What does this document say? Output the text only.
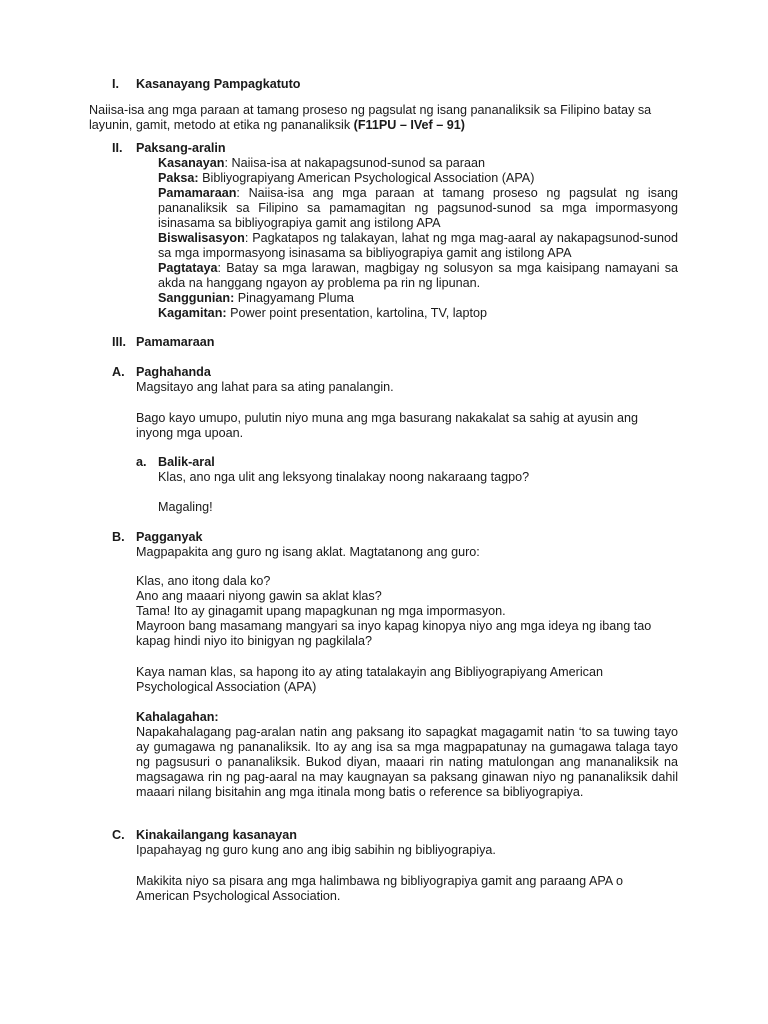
I. Kasanayang Pampagkatuto
Naiisa-isa ang mga paraan at tamang proseso ng pagsulat ng isang pananaliksik sa Filipino batay sa layunin, gamit, metodo at etika ng pananaliksik (F11PU – IVef – 91)
II. Paksang-aralin

Kasanayan: Naiisa-isa at nakapagsunod-sunod sa paraan

Paksa: Bibliyograpiyang American Psychological Association (APA)

Pamamaraan: Naiisa-isa ang mga paraan at tamang proseso ng pagsulat ng isang pananaliksik sa Filipino sa pamamagitan ng pagsunod-sunod sa mga impormasyong isinasama sa bibliyograpiya gamit ang istilong APA

Biswalisasyon: Pagkatapos ng talakayan, lahat ng mga mag-aaral ay nakapagsunod-sunod sa mga impormasyong isinasama sa bibliyograpiya gamit ang istilong APA

Pagtataya: Batay sa mga larawan, magbigay ng solusyon sa mga kaisipang namayani sa akda na hanggang ngayon ay problema pa rin ng lipunan.

Sanggunian: Pinagyamang Pluma

Kagamitan: Power point presentation, kartolina, TV, laptop

III. Pamamaraan
A. Paghahanda
Magsitayo ang lahat para sa ating panalangin.
Bago kayo umupo, pulutin niyo muna ang mga basurang nakakalat sa sahig at ayusin ang inyong mga upoan.
a. Balik-aral
Klas, ano nga ulit ang leksyong tinalakay noong nakaraang tagpo?
Magaling!
B. Pagganyak
Magpapakita ang guro ng isang aklat. Magtatanong ang guro:

Klas, ano itong dala ko?

Ano ang maaari niyong gawin sa aklat klas?

Tama! Ito ay ginagamit upang mapagkunan ng mga impormasyon.

Mayroon bang masamang mangyari sa inyo kapag kinopya niyo ang mga ideya ng ibang tao kapag hindi niyo ito binigyan ng pagkilala?

Kaya naman klas, sa hapong ito ay ating tatalakayin ang Bibliyograpiyang American Psychological Association (APA)
Kahalagahan:
Napakahalagang pag-aralan natin ang paksang ito sapagkat magagamit natin ‘to sa tuwing tayo ay gumagawa ng pananaliksik. Ito ay ang isa sa mga magpapatunay na gumagawa talaga tayo ng pagsusuri o pananaliksik. Bukod diyan, maaari rin nating matulongan ang mananaliksik na magsagawa rin ng pag-aaral na may kaugnayan sa paksang ginawan niyo ng pananaliksik dahil maaari nilang bisitahin ang mga itinala mong batis o reference sa bibliyograpiya.
C. Kinakailangang kasanayan
Ipapahayag ng guro kung ano ang ibig sabihin ng bibliyograpiya.
Makikita niyo sa pisara ang mga halimbawa ng bibliyograpiya gamit ang paraang APA o American Psychological Association.
